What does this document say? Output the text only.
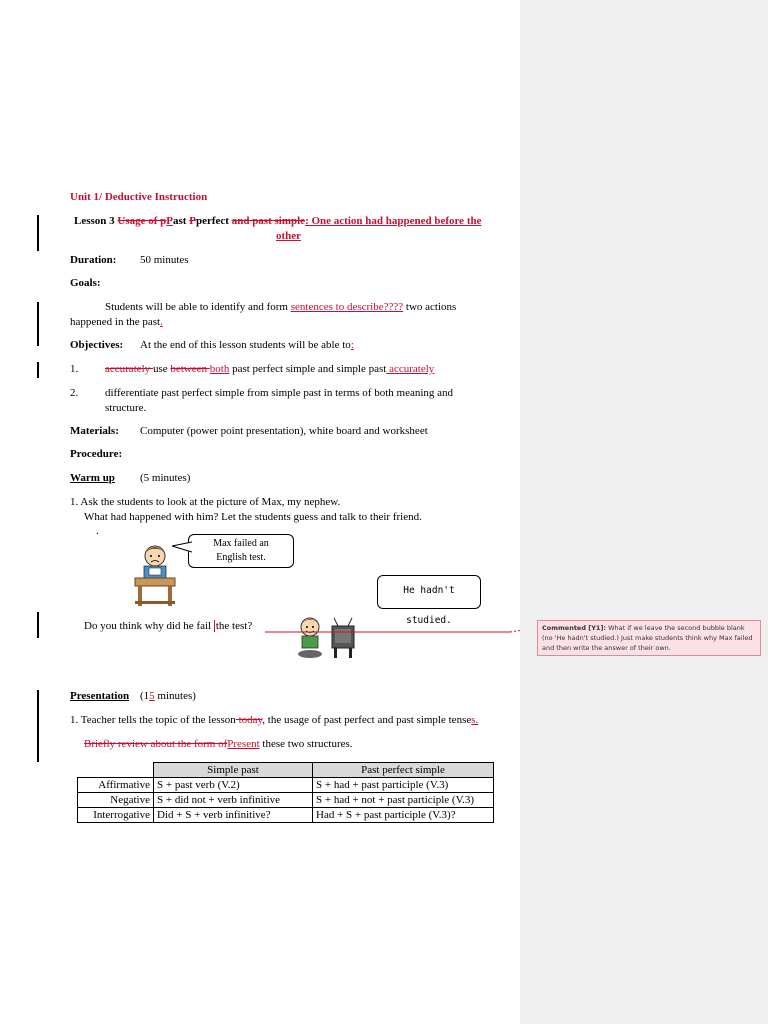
Unit 1/ Deductive Instruction
Lesson 3 Usage of pPast Pperfect and past simple: One action had happened before the
other
Duration: 50 minutes
Goals:
Students will be able to identify and form sentences to describe???? two actions
happened in the past.
Objectives: At the end of this lesson students will be able to:
1. accurately use between both past perfect simple and simple past accurately
2. differentiate past perfect simple from simple past in terms of both meaning and
structure.
Materials: Computer (power point presentation), white board and worksheet
Procedure:
Warm up (5 minutes)
1. Ask the students to look at the picture of Max, my nephew.
What had happened with him? Let the students guess and talk to their friend.
.
Max failed an
English test.
He hadn't studied.
Do you think why did he fail the test?
Presentation (15 minutes)
1. Teacher tells the topic of the lesson today, the usage of past perfect and past simple tenses.
Briefly review about the form ofPresent these two structures.
	Simple past	Past perfect simple
Affirmative	S + past verb (V.2)	S + had + past participle (V.3)
Negative	S + did not + verb infinitive	S + had + not + past participle (V.3)
Interrogative	Did + S + verb infinitive?	Had + S + past participle (V.3)?
Commented [Y1]: What if we leave the second bubble blank (no 'He hadn't studied.) Just make students think why Max failed and then write the answer of their own.
